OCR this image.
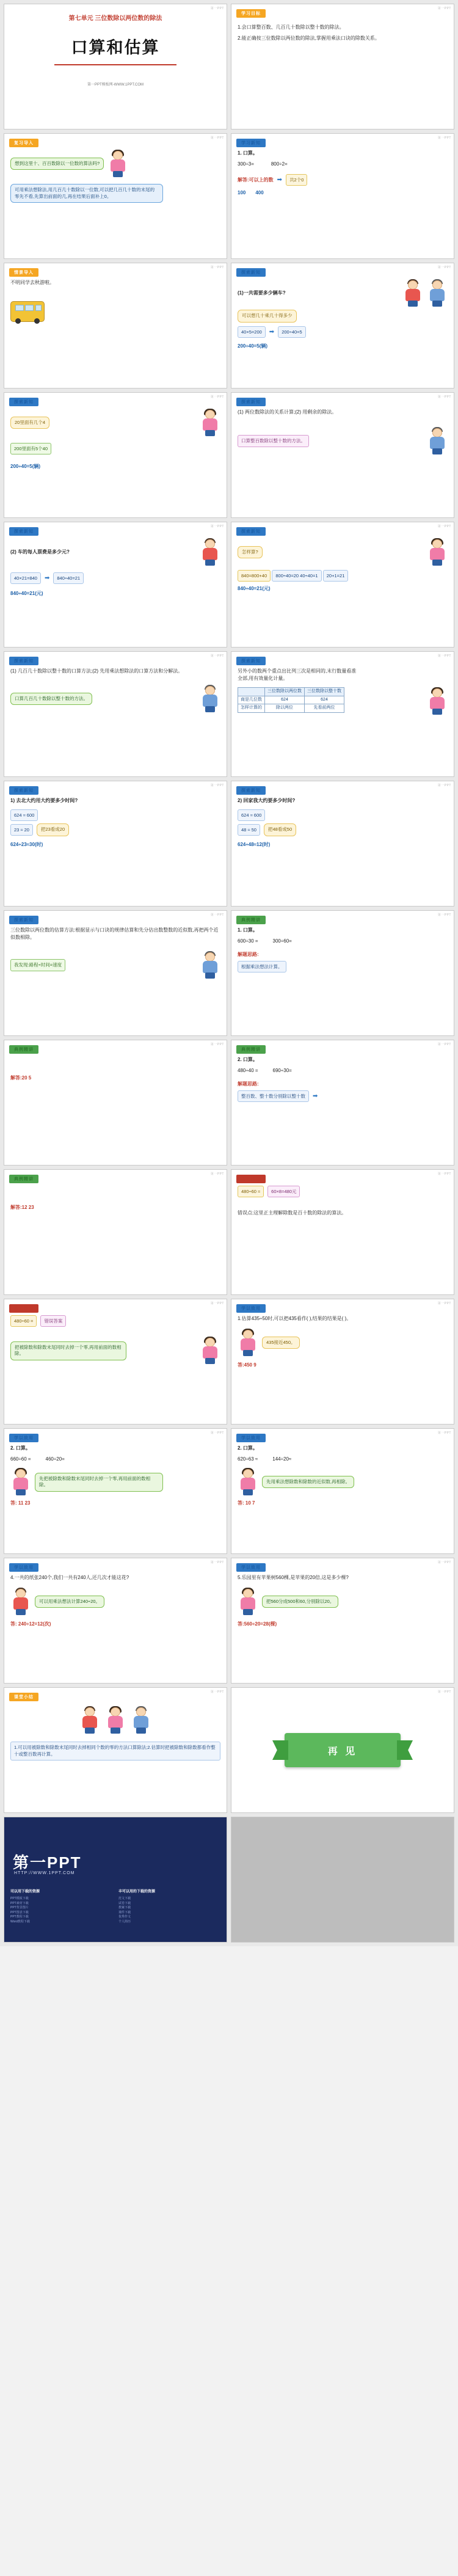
第一PPT
第七单元 三位数除以两位数的除法
口算和估算
第一PPT模板网-WWW.1PPT.COM
第一PPT
学习目标
1.会口算整百数、几百几十数除以整十数的除法。
2.能正确按三位数除以两位数的除法,掌握用乘法口诀的除数关系。
第一PPT
复习导入
想到这里十、百百数除以一位数的算法吗?
可用乘法想除法,用几百几十数除以一位数,可以把几百几十数的末尾的零先不看,先算出前面的几,再在结果后面补上0。
第一PPT
学习新知
1. 口算。
300÷3=	800÷2=
解答:可以上的数 ➡	共2个0
100 400
第一PPT
情景导入
不明同学去秋游啦。
第一PPT
探索新知
(1)一共需要多少辆车?
可以想几十乘几十得多少
40×5=200	➡	200÷40=5
200÷40=5(辆)
第一PPT
探索新知
20里面有几个4
200里面有5个40
200÷40=5(辆)
第一PPT
探索新知
(1) 两位数除法的关系计算;(2) 用剩余的除法。
口算整百数除以整十数的方法。
第一PPT
探索新知
(2) 车的每人票费是多少元?
40×21=840	➡	840÷40=21
840÷40=21(元)
第一PPT
探索新知
怎样算?
840=800+40 800÷40=20 40÷40=1 20+1=21
840÷40=21(元)
第一PPT
探索新知
(1) 几百几十数除以整十数的口算方法;(2) 先用乘法想除法的口算方法和分解法。
口算几百几十数除以整十数的方法。
第一PPT
探索新知
另外小的数两个重点出比列三次是相同的,末行数量看准全部,用有效量化计量。
	三位数除以两位数	三位数除以整十数
商是几位数	624	624
怎样计算的	除以两位	先看前两位
第一PPT
探索新知
1) 去北大约用大约要多少时间?
624 ≈ 600
23 ≈ 20	把23看成20
624÷23≈30(时)
第一PPT
探索新知
2) 回家我大约要多少时间?
624 ≈ 600
48 ≈ 50	把48看成50
624÷48≈12(时)
第一PPT
探索新知
三位数除以两位数的估算方法:根据显示与口诀的规律估算和先分估出数整数的近似数,再把两个近似数相除。
我发现:路程÷时间=速度
第一PPT
典例精讲
1. 口算。
600÷30 =	300÷60=
解题思路:
根据乘法想法计算。
第一PPT
典例精讲
解答:20 5
第一PPT
典例精讲
2. 口算。
480÷40 =	690÷30=
解题思路:
整百数、整十数分别除以整十数	➡
第一PPT
典例精讲
解答:12 23
第一PPT
易错提醒
480÷60 ≈	60×8=480元
错误点:这里正主理解除数是百十数的除法的算法。
第一PPT
易错提醒
480÷60 =	错误答案
把被除数和除数末尾同时去掉一个零,再用前面的数相除。
第一PPT
学以致用
1.估算435÷50时,可以把435看作( ),结果的结果是( )。
435接近450。
答:450 9
第一PPT
学以致用
2. 口算。
660÷60 =	460÷20=
先把被除数和除数末尾同时去掉一个零,再用前面的数相除。
答: 11 23
第一PPT
学以致用
2. 口算。
620÷63 ≈	144÷20≈
先用乘法想除数和除数的近似数,再相除。
答: 10 7
第一PPT
学以致用
4.一共的纸张240个,我们一共有240人,还几次才能这花?
可以用乘法想法计算240÷20。
答: 240÷12=12(次)
第一PPT
学以致用
5.乐园里有苹果树560棵,是苹果的20倍,这是多少棵?
把560分成500和60,分别除以20。
答:560÷20=28(棵)
第一PPT
课堂小结
1.可以用被除数和除数末尾同时去掉相同个数的零的方法口算除法;2.估算时把被除数和除数都看作整十或整百数再计算。
第一PPT
再 见
第一PPT
HTTP://WWW.1PPT.COM
司以用下载的资源
PPT模板下载
PPT素材下载
PPT背景图片
PPT图表下载
PPT教程下载
Word教程下载
丰可以用的下载的资源
范文下载
试卷下载
教案下载
课件下载
优秀作文
个人简历
